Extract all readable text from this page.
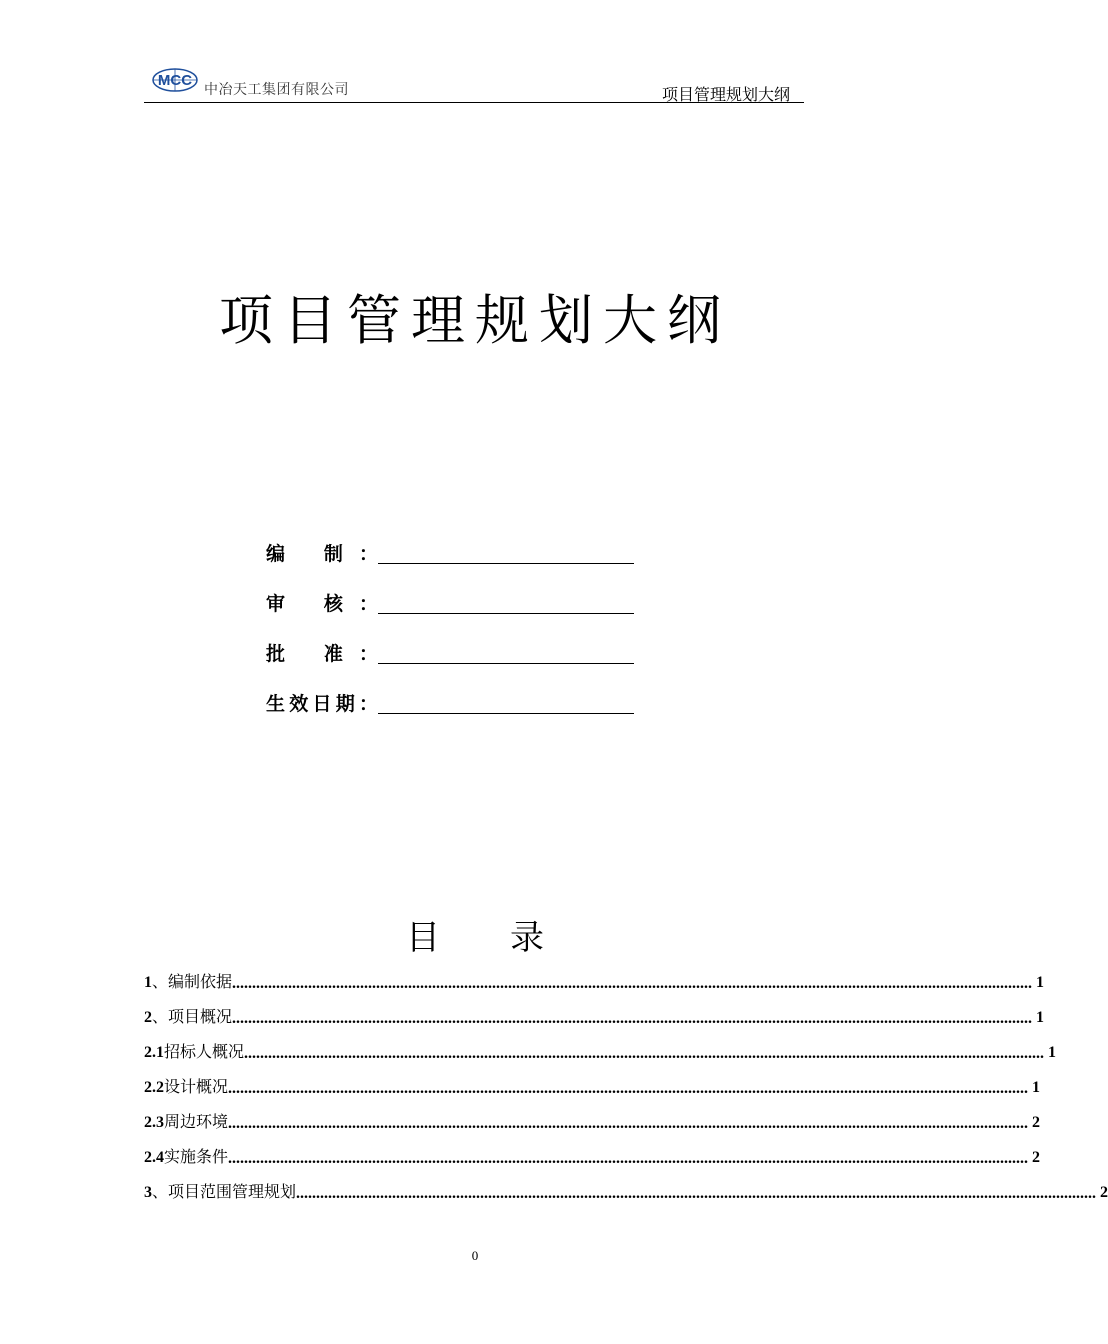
MCC
中冶天工集团有限公司	项目管理规划大纲
项目管理规划大纲
编 制：
审 核：
批 准：
生效日期：
目 录
1 、编制依据 ........................................................................................................................................................................................................ 1
2 、项目概况 ........................................................................................................................................................................................................ 1
2.1 招标人概况 ........................................................................................................................................................................................................ 1
2.2 设计概况 ........................................................................................................................................................................................................ 1
2.3 周边环境 ........................................................................................................................................................................................................ 2
2.4 实施条件 ........................................................................................................................................................................................................ 2
3 、项目范围管理规划 ........................................................................................................................................................................................................ 2
0
